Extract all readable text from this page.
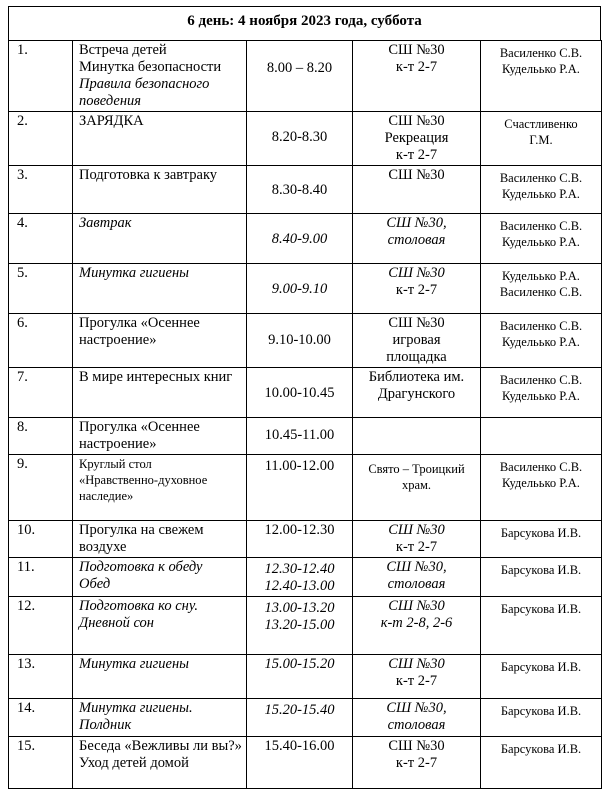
6 день: 4 ноября 2023 года, суббота
1.	Встреча детей
Минутка безопасности
Правила безопасного поведения	8.00 – 8.20	СШ №30
к-т 2-7	Василенко С.В.
Кудельько Р.А.

2.	ЗАРЯДКА	8.20-8.30	СШ №30
Рекреация
к-т 2-7	Счастливенко
Г.М.

3.	Подготовка к завтраку	8.30-8.40	СШ №30	Василенко С.В.
Кудельько Р.А.

4.	Завтрак	8.40-9.00	СШ №30,
столовая	Василенко С.В.
Кудельько Р.А.

5.	Минутка гигиены	9.00-9.10	СШ №30
к-т 2-7	Кудельько Р.А.
Василенко С.В.

6.	Прогулка «Осеннее настроение»	9.10-10.00	СШ №30
игровая
площадка	Василенко С.В.
Кудельько Р.А.

7.	В мире интересных книг	10.00-10.45	Библиотека им.
Драгунского	Василенко С.В.
Кудельько Р.А.

8.	Прогулка «Осеннее настроение»	10.45-11.00		

9.	Круглый стол
«Нравственно-духовное наследие»	11.00-12.00	Свято – Троицкий
храм.	Василенко С.В.
Кудельько Р.А.

10.	Прогулка на свежем воздухе	12.00-12.30	СШ №30
к-т 2-7	Барсукова И.В.

11.	Подготовка к обеду
Обед	12.30-12.40
12.40-13.00	СШ №30,
столовая	Барсукова И.В.

12.	Подготовка ко сну.
Дневной сон	13.00-13.20
13.20-15.00	СШ №30
к-т 2-8, 2-6	Барсукова И.В.

13.	Минутка гигиены	15.00-15.20	СШ №30
к-т 2-7	Барсукова И.В.

14.	Минутка гигиены.
Полдник	15.20-15.40	СШ №30,
столовая	Барсукова И.В.

15.	Беседа «Вежливы ли вы?»
Уход детей домой	15.40-16.00	СШ №30
к-т 2-7	Барсукова И.В.
